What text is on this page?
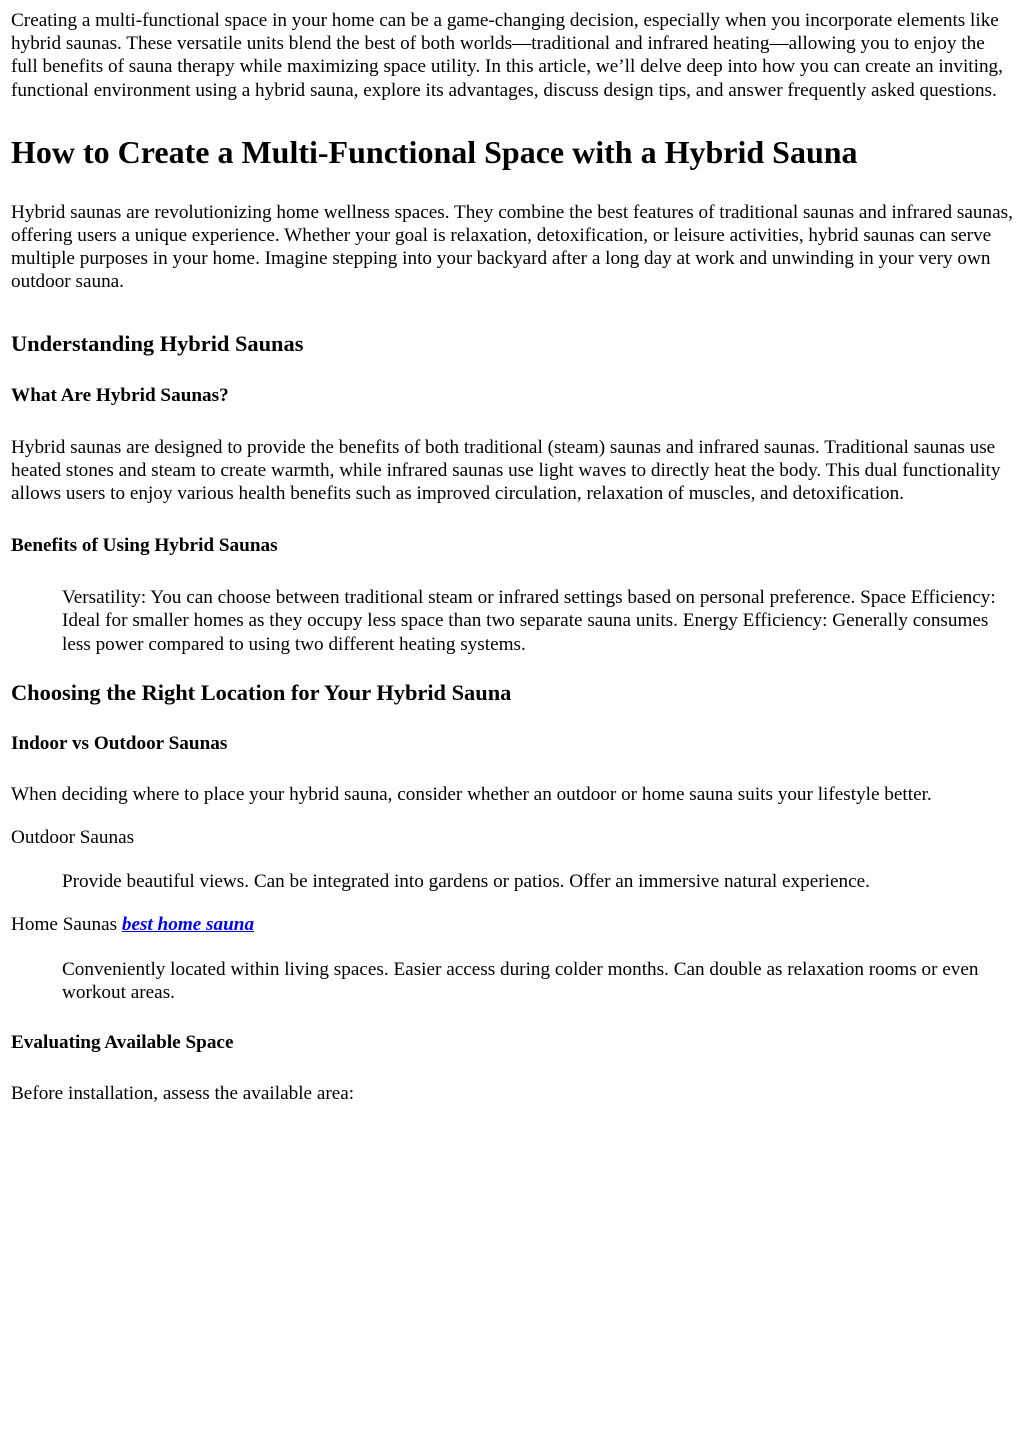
Creating a multi-functional space in your home can be a game-changing decision, especially when you incorporate elements like hybrid saunas. These versatile units blend the best of both worlds—traditional and infrared heating—allowing you to enjoy the full benefits of sauna therapy while maximizing space utility. In this article, we’ll delve deep into how you can create an inviting, functional environment using a hybrid sauna, explore its advantages, discuss design tips, and answer frequently asked questions.

How to Create a Multi-Functional Space with a Hybrid Sauna

Hybrid saunas are revolutionizing home wellness spaces. They combine the best features of traditional saunas and infrared saunas, offering users a unique experience. Whether your goal is relaxation, detoxification, or leisure activities, hybrid saunas can serve multiple purposes in your home. Imagine stepping into your backyard after a long day at work and unwinding in your very own outdoor sauna.

Understanding Hybrid Saunas
What Are Hybrid Saunas?

Hybrid saunas are designed to provide the benefits of both traditional (steam) saunas and infrared saunas. Traditional saunas use heated stones and steam to create warmth, while infrared saunas use light waves to directly heat the body. This dual functionality allows users to enjoy various health benefits such as improved circulation, relaxation of muscles, and detoxification.

Benefits of Using Hybrid Saunas
Versatility: You can choose between traditional steam or infrared settings based on personal preference. Space Efficiency: Ideal for smaller homes as they occupy less space than two separate sauna units. Energy Efficiency: Generally consumes less power compared to using two different heating systems.
Choosing the Right Location for Your Hybrid Sauna
Indoor vs Outdoor Saunas

When deciding where to place your hybrid sauna, consider whether an outdoor or home sauna suits your lifestyle better.

Outdoor Saunas

Provide beautiful views. Can be integrated into gardens or patios. Offer an immersive natural experience.

Home Saunas best home sauna

Conveniently located within living spaces. Easier access during colder months. Can double as relaxation rooms or even workout areas.
Evaluating Available Space

Before installation, assess the available area:
